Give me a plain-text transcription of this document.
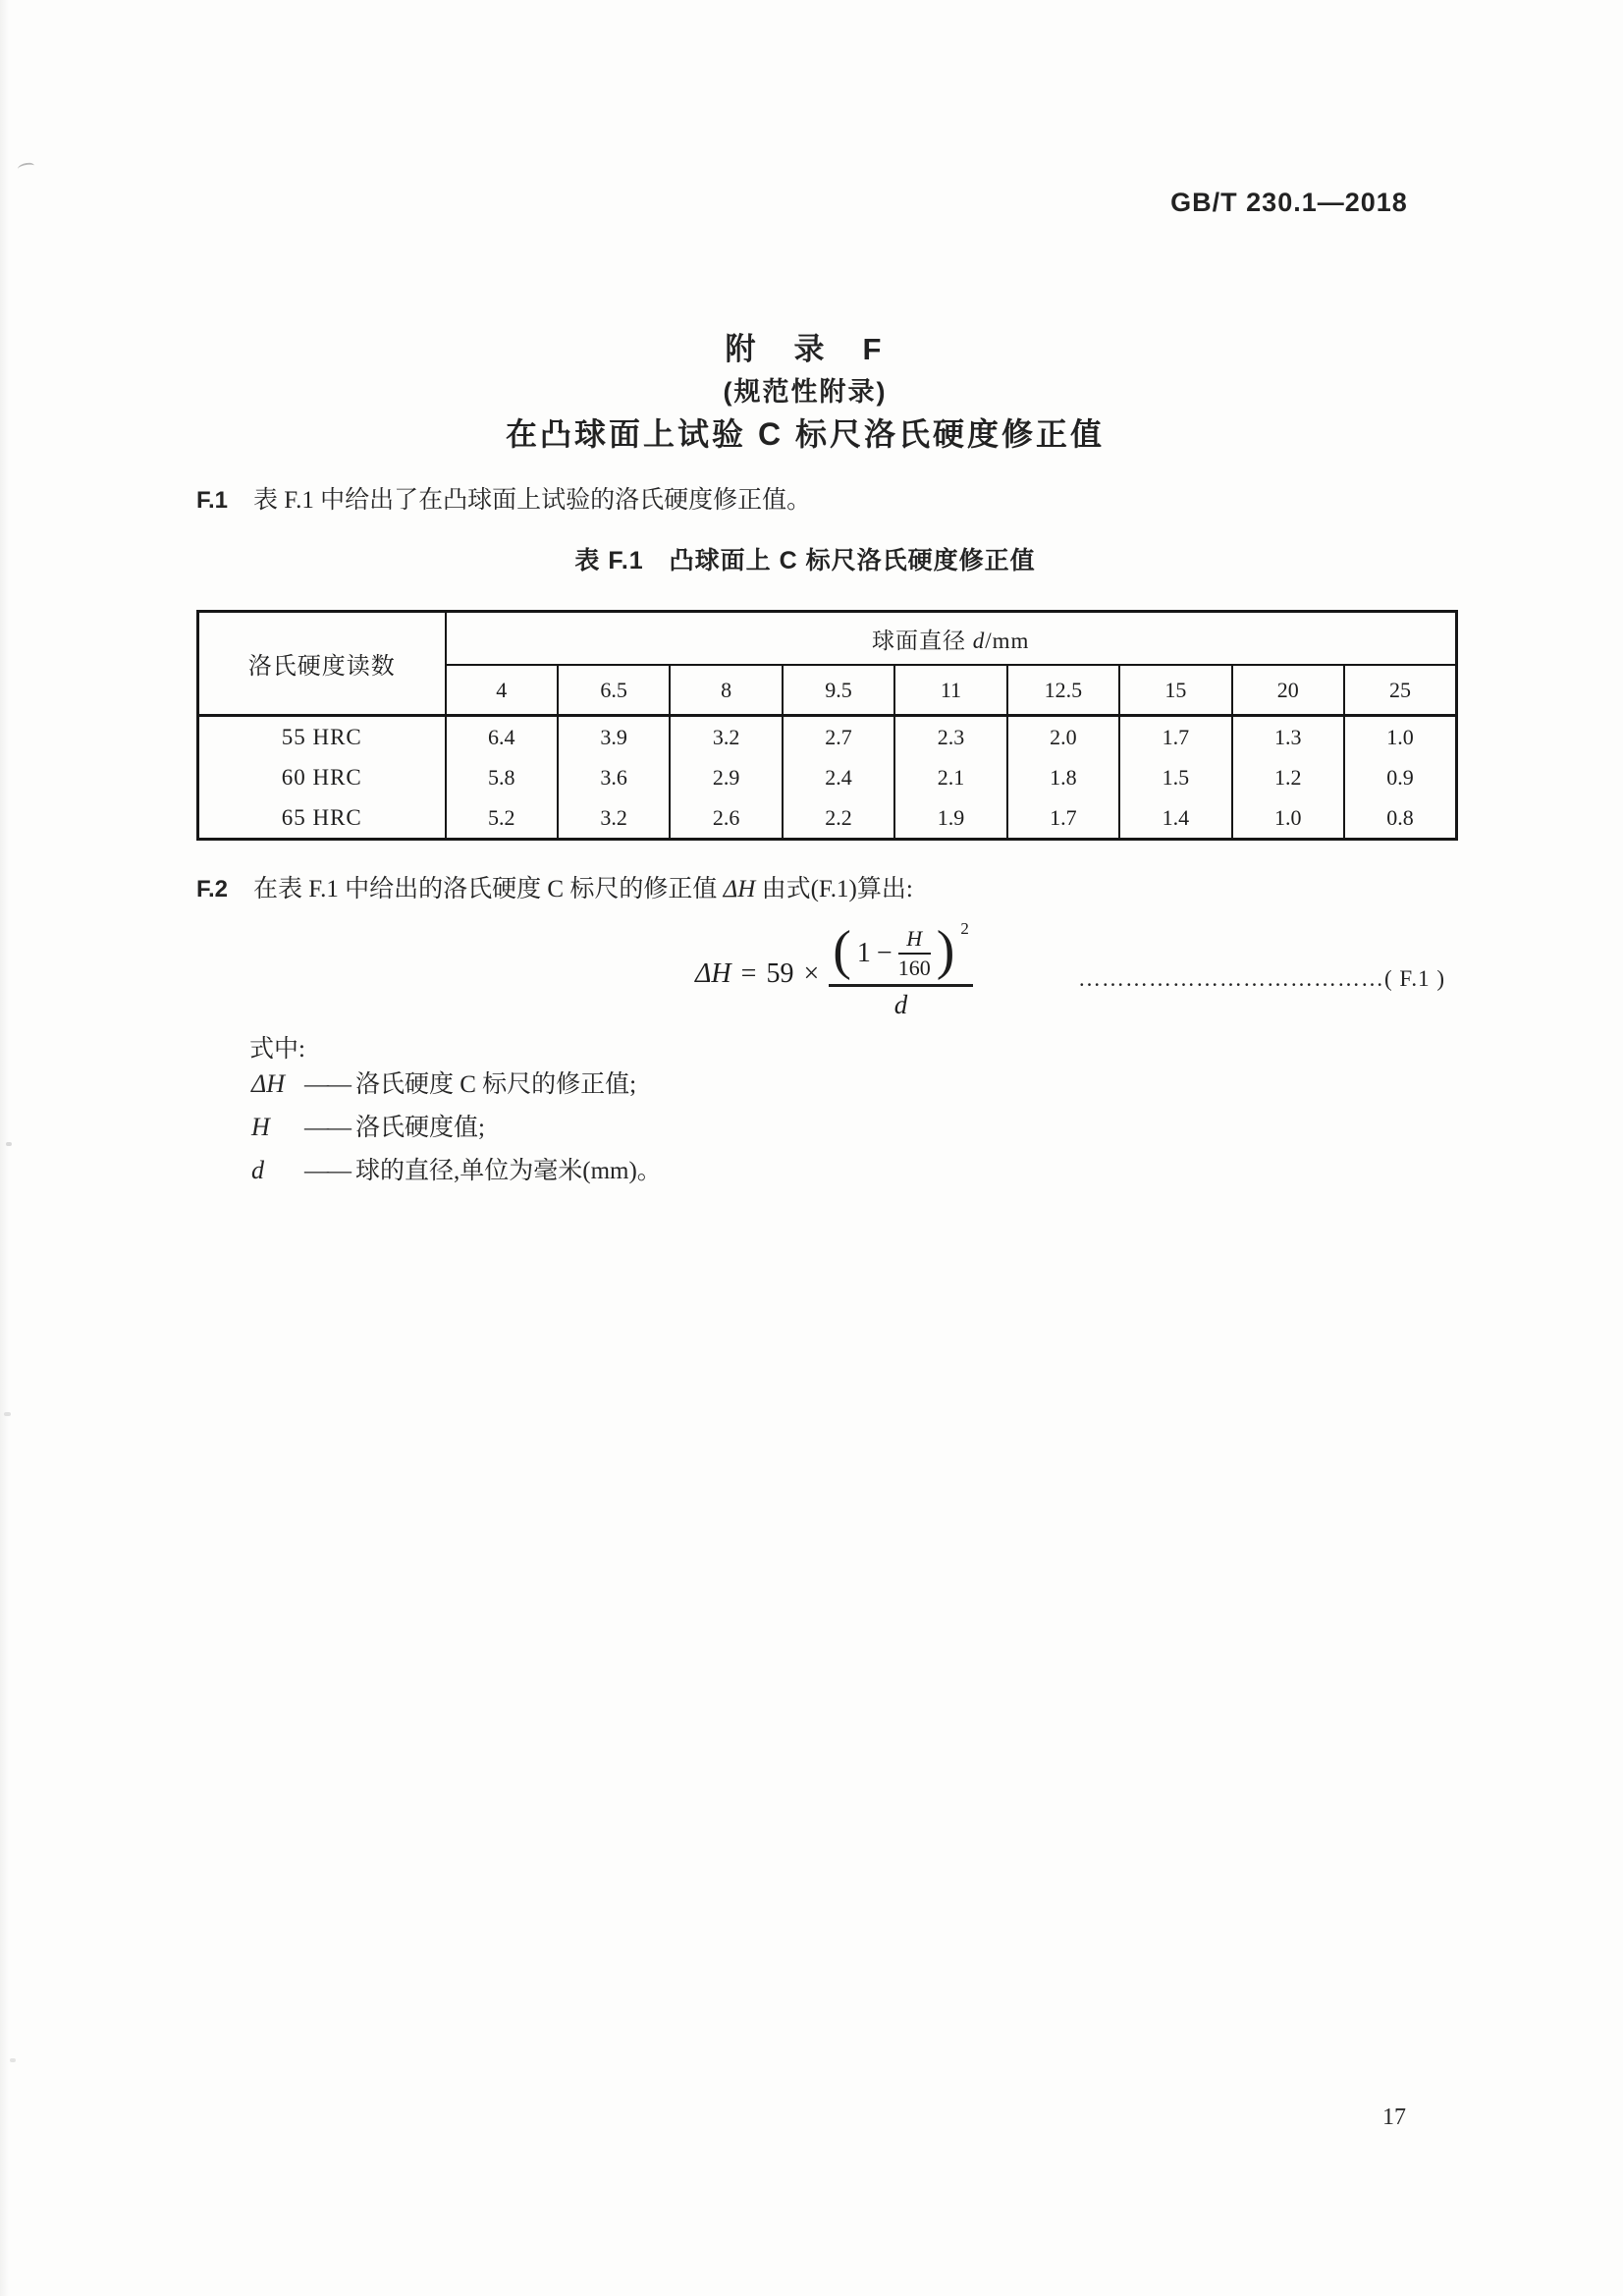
GB/T 230.1—2018
附　录　F
(规范性附录)
在凸球面上试验 C 标尺洛氏硬度修正值
F.1 表 F.1 中给出了在凸球面上试验的洛氏硬度修正值。
表 F.1　凸球面上 C 标尺洛氏硬度修正值
洛氏硬度读数	球面直径 d/mm								
	4	6.5	8	9.5	11	12.5	15	20	25
55 HRC	6.4	3.9	3.2	2.7	2.3	2.0	1.7	1.3	1.0
60 HRC	5.8	3.6	2.9	2.4	2.1	1.8	1.5	1.2	0.9
65 HRC	5.2	3.2	2.6	2.2	1.9	1.7	1.4	1.0	0.8
F.2 在表 F.1 中给出的洛氏硬度 C 标尺的修正值 ΔH 由式(F.1)算出:
ΔH = 59 × ( 1 − H
160 ) 2
d
…………………………………( F.1 )
式中:
ΔH —— 洛氏硬度 C 标尺的修正值;
H	—— 洛氏硬度值;
d	—— 球的直径,单位为毫米(mm)。
17
